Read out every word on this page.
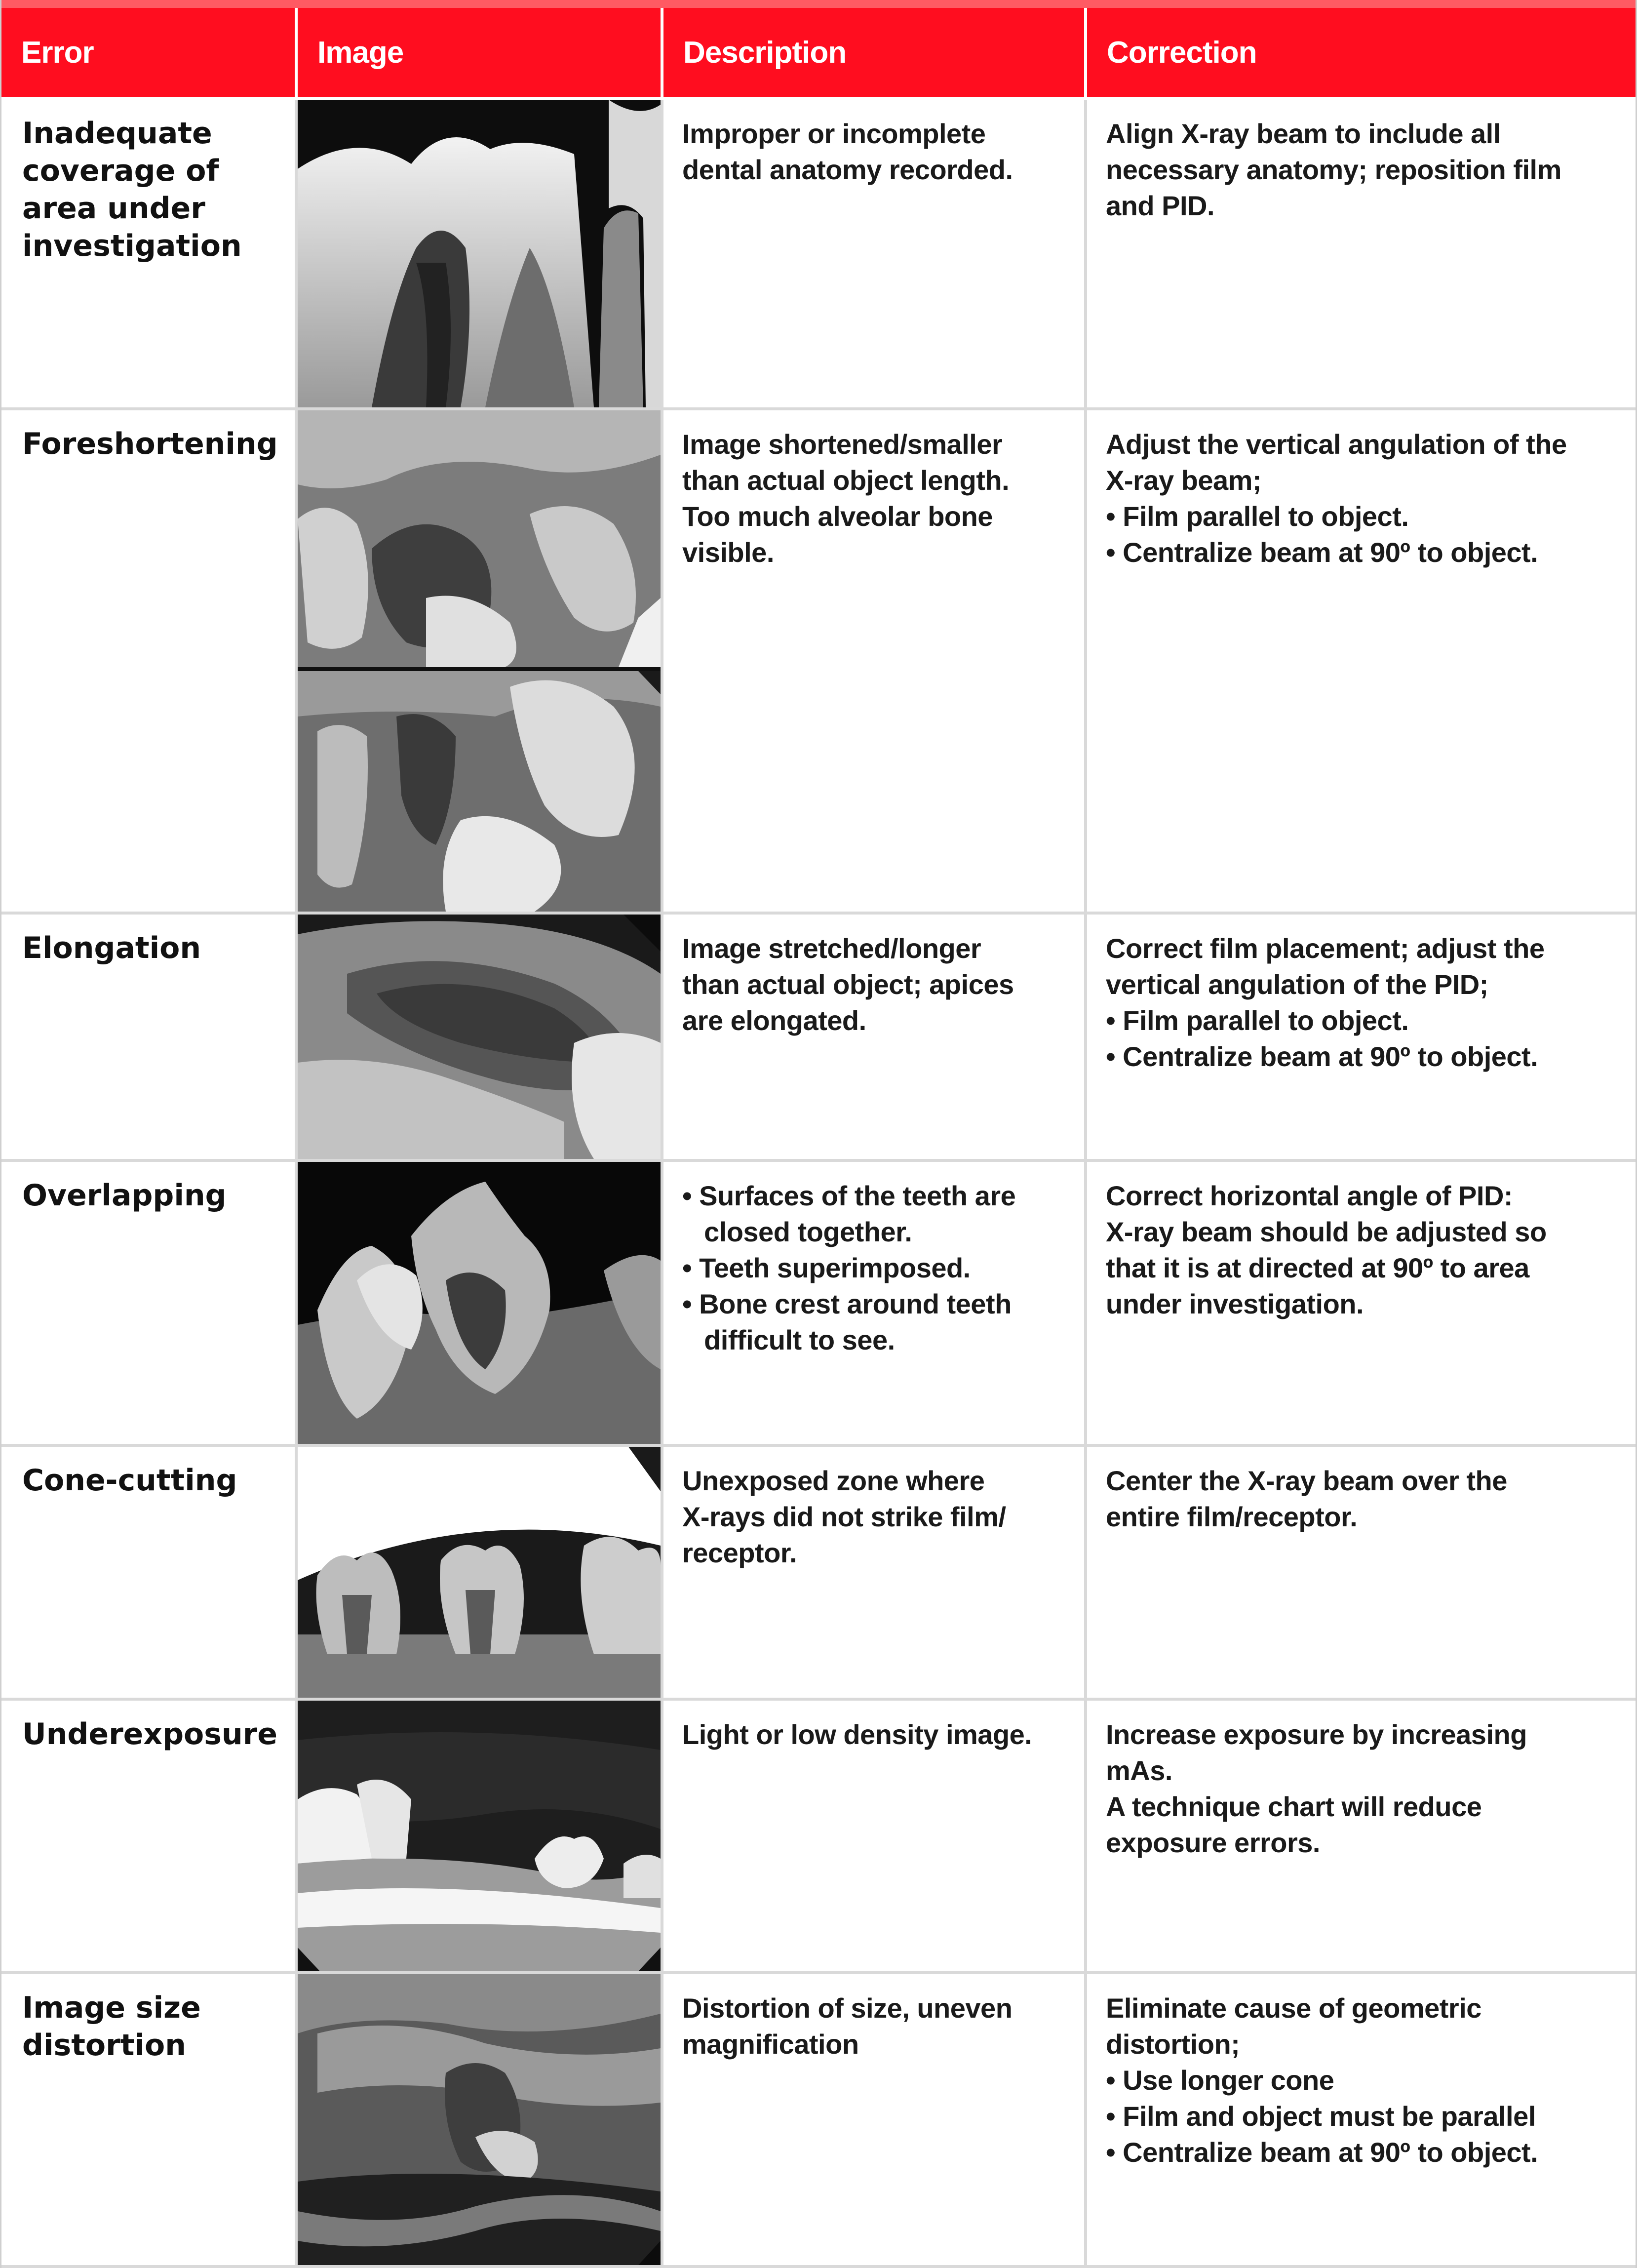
Error	Image	Description	Correction
Inadequate coverage of area under investigation
Improper or incomplete
dental anatomy recorded.
Align X-ray beam to include all
necessary anatomy; reposition film
and PID.
Foreshortening	Image shortened/smaller
than actual object length.
Too much alveolar bone
visible.
Adjust the vertical angulation of the
X-ray beam;
• Film parallel to object.
• Centralize beam at 90º to object.
Elongation	Image stretched/longer
than actual object; apices
are elongated.
Correct film placement; adjust the
vertical angulation of the PID;
• Film parallel to object.
• Centralize beam at 90º to object.
Overlapping
•	Surfaces of the teeth are closed together.
• Teeth superimposed.
• Bone crest around teeth difficult to see.
Correct horizontal angle of PID:
X-ray beam should be adjusted so
that it is at directed at 90º to area
under investigation.
Cone-cutting	Unexposed zone where
X-rays did not strike film/
receptor.
Center the X-ray beam over the
entire film/receptor.
Underexposure	Light or low density image.	Increase exposure by increasing
mAs.
A technique chart will reduce
exposure errors.
Image size distortion
Distortion of size, uneven
magnification
Eliminate cause of geometric
distortion;
• Use longer cone
• Film and object must be parallel
• Centralize beam at 90º to object.
